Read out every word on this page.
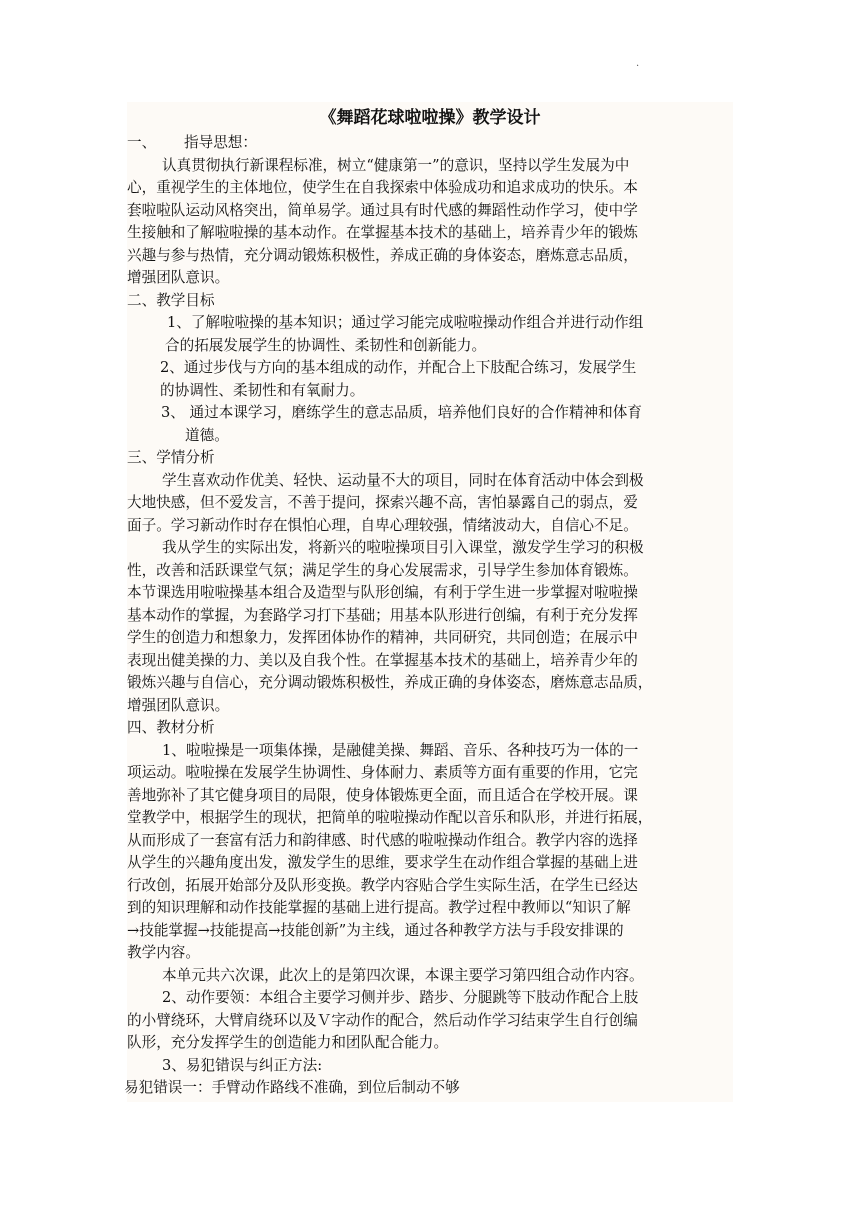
.
《舞蹈花球啦啦操》教学设计
一、      指导思想：
认真贯彻执行新课程标准，树立“健康第一”的意识，坚持以学生发展为中
心，重视学生的主体地位，使学生在自我探索中体验成功和追求成功的快乐。本
套啦啦队运动风格突出，简单易学。通过具有时代感的舞蹈性动作学习，使中学
生接触和了解啦啦操的基本动作。在掌握基本技术的基础上，培养青少年的锻炼
兴趣与参与热情，充分调动锻炼积极性，养成正确的身体姿态，磨炼意志品质，
增强团队意识。
二、教学目标
1、了解啦啦操的基本知识；通过学习能完成啦啦操动作组合并进行动作组
合的拓展发展学生的协调性、柔韧性和创新能力。
2、通过步伐与方向的基本组成的动作，并配合上下肢配合练习，发展学生
的协调性、柔韧性和有氧耐力。
3、 通过本课学习，磨练学生的意志品质，培养他们良好的合作精神和体育
道德。
三、学情分析
学生喜欢动作优美、轻快、运动量不大的项目，同时在体育活动中体会到极
大地快感，但不爱发言，不善于提问，探索兴趣不高，害怕暴露自己的弱点，爱
面子。学习新动作时存在惧怕心理，自卑心理较强，情绪波动大，自信心不足。
我从学生的实际出发，将新兴的啦啦操项目引入课堂，激发学生学习的积极
性，改善和活跃课堂气氛；满足学生的身心发展需求，引导学生参加体育锻炼。
本节课选用啦啦操基本组合及造型与队形创编，有利于学生进一步掌握对啦啦操
基本动作的掌握，为套路学习打下基础；用基本队形进行创编，有利于充分发挥
学生的创造力和想象力，发挥团体协作的精神，共同研究，共同创造；在展示中
表现出健美操的力、美以及自我个性。在掌握基本技术的基础上，培养青少年的
锻炼兴趣与自信心，充分调动锻炼积极性，养成正确的身体姿态，磨炼意志品质，
增强团队意识。
四、教材分析
1、啦啦操是一项集体操，是融健美操、舞蹈、音乐、各种技巧为一体的一
项运动。啦啦操在发展学生协调性、身体耐力、素质等方面有重要的作用，它完
善地弥补了其它健身项目的局限，使身体锻炼更全面，而且适合在学校开展。课
堂教学中，根据学生的现状，把简单的啦啦操动作配以音乐和队形，并进行拓展，
从而形成了一套富有活力和韵律感、时代感的啦啦操动作组合。教学内容的选择
从学生的兴趣角度出发，激发学生的思维，要求学生在动作组合掌握的基础上进
行改创，拓展开始部分及队形变换。教学内容贴合学生实际生活，在学生已经达
到的知识理解和动作技能掌握的基础上进行提高。教学过程中教师以“知识了解
→技能掌握→技能提高→技能创新”为主线，通过各种教学方法与手段安排课的
教学内容。
本单元共六次课，此次上的是第四次课，本课主要学习第四组合动作内容。
2、动作要领：本组合主要学习侧并步、踏步、分腿跳等下肢动作配合上肢
的小臂绕环，大臂肩绕环以及Ｖ字动作的配合，然后动作学习结束学生自行创编
队形，充分发挥学生的创造能力和团队配合能力。
3、易犯错误与纠正方法:
易犯错误一：手臂动作路线不准确，到位后制动不够
